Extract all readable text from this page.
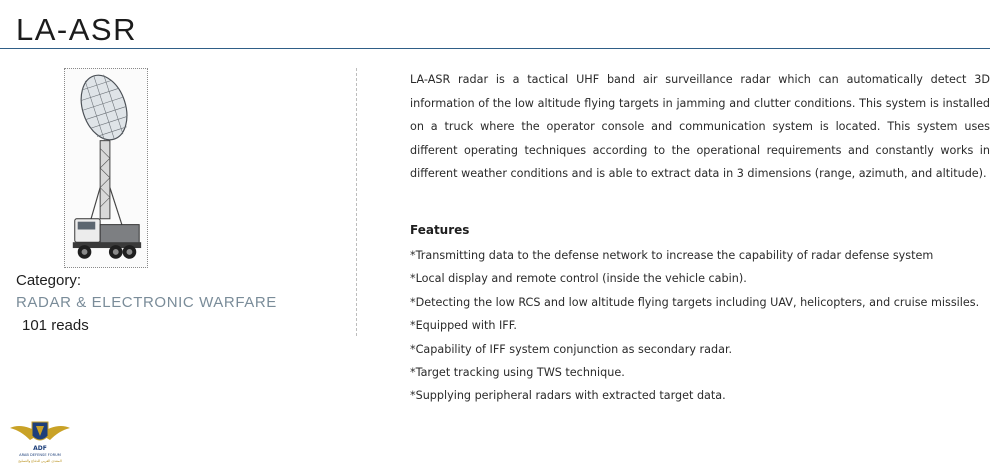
LA-ASR
Category:
RADAR & ELECTRONIC WARFARE
101 reads

LA-ASR radar is a tactical UHF band air surveillance radar which can automatically detect 3D information of the low altitude flying targets in jamming and clutter conditions. This system is installed on a truck where the operator console and communication system is located. This system uses different operating techniques according to the operational requirements and constantly works in different weather conditions and is able to extract data in 3 dimensions (range, azimuth, and altitude).

Features
*Transmitting data to the defense network to increase the capability of radar defense system
*Local display and remote control (inside the vehicle cabin).
*Detecting the low RCS and low altitude flying targets including UAV, helicopters, and cruise missiles.
*Equipped with IFF.
*Capability of IFF system conjunction as secondary radar.
*Target tracking using TWS technique.
*Supplying peripheral radars with extracted target data.
ADF
ARAB DEFENSE FORUM
المنتدى العربي للدفاع والتسليح
